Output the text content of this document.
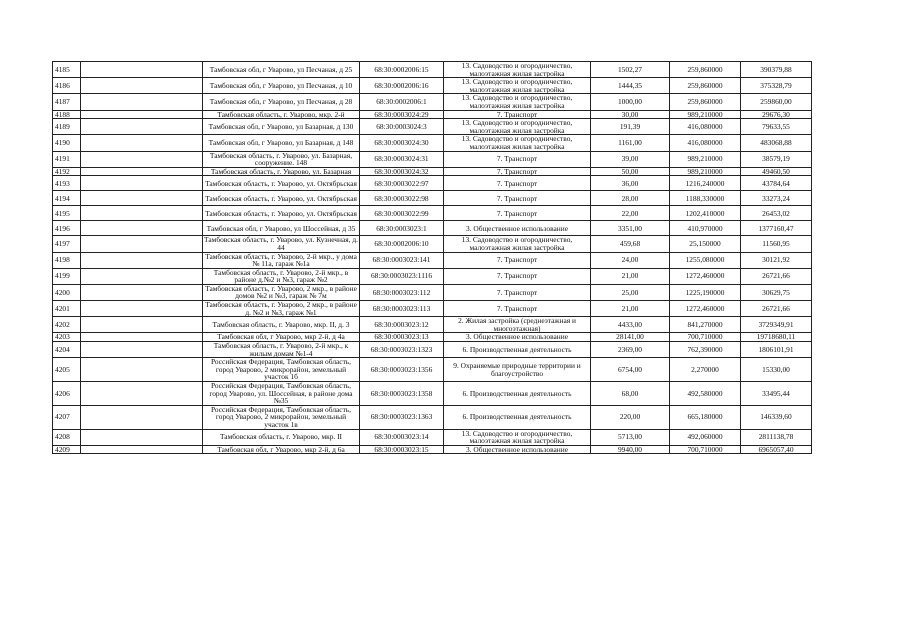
4185		Тамбовская обл, г Уварово, ул Песчаная, д 25	68:30:0002006:15	13. Садоводство и огородничество, малоэтажная жилая застройка	1502,27	259,860000	390379,88
4186		Тамбовская обл, г Уварово, ул Песчаная, д 10	68:30:0002006:16	13. Садоводство и огородничество, малоэтажная жилая застройка	1444,35	259,860000	375328,79
4187		Тамбовская обл, г Уварово, ул Песчаная, д 28	68:30:0002006:1	13. Садоводство и огородничество, малоэтажная жилая застройка	1000,00	259,860000	259860,00
4188		Тамбовская область, г. Уварово, мкр. 2-й	68:30:0003024:29	7. Транспорт	30,00	989,210000	29676,30
4189		Тамбовская обл, г Уварово, ул Базарная, д 130	68:30:0003024:3	13. Садоводство и огородничество, малоэтажная жилая застройка	191,39	416,080000	79633,55
4190		Тамбовская обл, г Уварово, ул Базарная, д 148	68:30:0003024:30	13. Садоводство и огородничество, малоэтажная жилая застройка	1161,00	416,080000	483068,88
4191		Тамбовская область, г. Уварово, ул. Базарная, сооружение. 148	68:30:0003024:31	7. Транспорт	39,00	989,210000	38579,19
4192		Тамбовская область, г. Уварово, ул. Базарная	68:30:0003024:32	7. Транспорт	50,00	989,210000	49460,50
4193		Тамбовская область, г. Уварово, ул. Октябрьская	68:30:0003022:97	7. Транспорт	36,00	1216,240000	43784,64
4194		Тамбовская область, г. Уварово, ул. Октябрьская	68:30:0003022:98	7. Транспорт	28,00	1188,330000	33273,24
4195		Тамбовская область, г. Уварово, ул. Октябрьская	68:30:0003022:99	7. Транспорт	22,00	1202,410000	26453,02
4196		Тамбовская обл, г Уварово, ул Шоссейная, д 35	68:30:0003023:1	3. Общественное использование	3351,00	410,970000	1377160,47
4197		Тамбовская область, г. Уварово, ул. Кузнечная, д. 44	68:30:0002006:10	13. Садоводство и огородничество, малоэтажная жилая застройка	459,68	25,150000	11560,95
4198		Тамбовская область, г. Уварово, 2-й мкр., у дома № 11а, гараж №1а	68:30:0003023:141	7. Транспорт	24,00	1255,080000	30121,92
4199		Тамбовская область, г. Уварово, 2-й мкр., в районе д.№2 и №3, гараж №2	68:30:0003023:1116	7. Транспорт	21,00	1272,460000	26721,66
4200		Тамбовская область, г. Уварово, 2 мкр., в районе домов №2 и №3, гараж № 7м	68:30:0003023:112	7. Транспорт	25,00	1225,190000	30629,75
4201		Тамбовская область, г. Уварово, 2 мкр., в районе д. №2 и №3, гараж №1	68:30:0003023:113	7. Транспорт	21,00	1272,460000	26721,66
4202		Тамбовская область, г. Уварово, мкр. II, д. 3	68:30:0003023:12	2. Жилая застройка (среднеэтажная и многоэтажная)	4433,00	841,270000	3729349,91
4203		Тамбовская обл, г Уварово, мкр 2-й, д 4а	68:30:0003023:13	3. Общественное использование	28141,00	700,710000	19718680,11
4204		Тамбовская область, г. Уварово, 2-й мкр., к жилым домам №1-4	68:30:0003023:1323	6. Производственная деятельность	2369,00	762,390000	1806101,91
4205		Российская Федерация, Тамбовская область, город Уварово, 2 микрорайон, земельный участок 1б	68:30:0003023:1356	9. Охраняемые природные территории и благоустройство	6754,00	2,270000	15330,00
4206		Российская Федерация, Тамбовская область, город Уварово, ул. Шоссейная, в районе дома №35	68:30:0003023:1358	6. Производственная деятельность	68,00	492,580000	33495,44
4207		Российская Федерация, Тамбовская область, город Уварово, 2 микрорайон, земельный участок 1в	68:30:0003023:1363	6. Производственная деятельность	220,00	665,180000	146339,60
4208		Тамбовская область, г. Уварово, мкр. II	68:30:0003023:14	13. Садоводство и огородничество, малоэтажная жилая застройка	5713,00	492,060000	2811138,78
4209		Тамбовская обл, г Уварово, мкр 2-й, д 6а	68:30:0003023:15	3. Общественное использование	9940,00	700,710000	6965057,40
